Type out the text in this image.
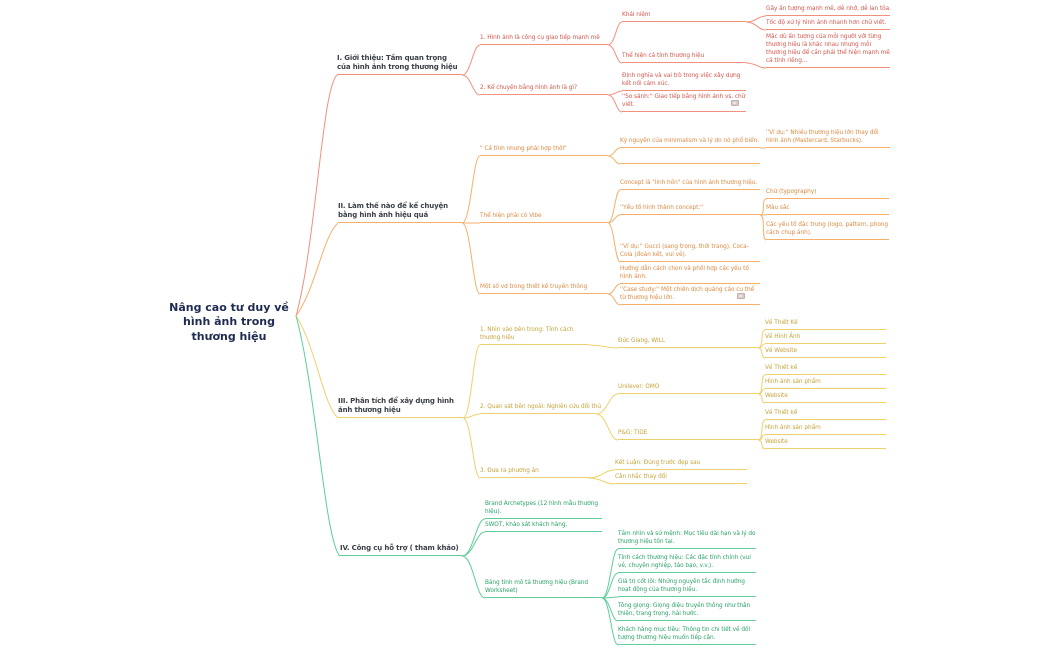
Nâng cao tư duy về hình ảnh trong thương hiệu
I. Giới thiệu: Tầm quan trọng của hình ảnh trong thương hiệu
1. Hình ảnh là công cụ giao tiếp mạnh mẽ
Khái niệm
Gây ấn tượng mạnh mẽ, dễ nhớ, dễ lan tỏa.
Tốc độ xử lý hình ảnh nhanh hơn chữ viết.
Thể hiện cá tính thương hiệu
Mặc dù ấn tượng của mỗi người với từng thương hiệu là khác nhau nhưng mỗi thương hiệu để cần phải thể hiện mạnh mẽ cá tính riêng...
2. Kể chuyện bằng hình ảnh là gì?
Định nghĩa và vai trò trong việc xây dựng kết nối cảm xúc.
''So sánh:'' Giao tiếp bằng hình ảnh vs. chữ viết.
II. Làm thế nào để kể chuyện bằng hình ảnh hiệu quả
" Cá tính nhưng phải hợp thời"
Kỷ nguyên của minimalism và lý do nó phổ biến.
''Ví dụ:'' Nhiều thương hiệu lớn thay đổi hình ảnh (Mastercard, Starbucks).
Thể hiện phải có Vibe
Concept là "linh hồn" của hình ảnh thương hiệu.
''Yếu tố hình thành concept:''
Chữ (typography)
Màu sắc
Các yếu tố đặc trưng (logo, pattern, phong cách chụp ảnh).
''Ví dụ:'' Gucci (sang trọng, thời trang), Coca-Cola (đoàn kết, vui vẻ).
Một số vd trong thiết kế truyền thông
Hướng dẫn cách chọn và phối hợp các yếu tố hình ảnh.
''Case study:'' Một chiến dịch quảng cáo cụ thể từ thương hiệu lớn.
III. Phân tích để xây dựng hình ảnh thương hiệu
1. Nhìn vào bên trong: Tính cách thương hiệu	Đức Giang, WILL
Về Thiết Kế
Về Hình Ảnh
Về Website
2. Quan sát bên ngoài: Nghiên cứu đối thủ
Unilever: OMO
Về Thiết kế
Hình ảnh sản phẩm
Website
P&G: TIDE
Về Thiết kế
Hình ảnh sản phẩm
Website
3. Đưa ra phương án
Kết Luận: Đúng trước đẹp sau
Cân nhắc thay đổi
IV. Công cụ hỗ trợ ( tham khảo)
Brand Archetypes (12 hình mẫu thương hiệu).
SWOT, khảo sát khách hàng.
Bảng tính mô tả thương hiệu (Brand Worksheet)
Tầm nhìn và sứ mệnh: Mục tiêu dài hạn và lý do thương hiệu tồn tại.
Tính cách thương hiệu: Các đặc tính chính (vui vẻ, chuyên nghiệp, táo bạo, v.v.).
Giá trị cốt lõi: Những nguyên tắc định hướng hoạt động của thương hiệu.
Tông giọng: Giọng điệu truyền thông như thân thiện, trang trọng, hài hước.
Khách hàng mục tiêu: Thông tin chi tiết về đối tượng thương hiệu muốn tiếp cận.
